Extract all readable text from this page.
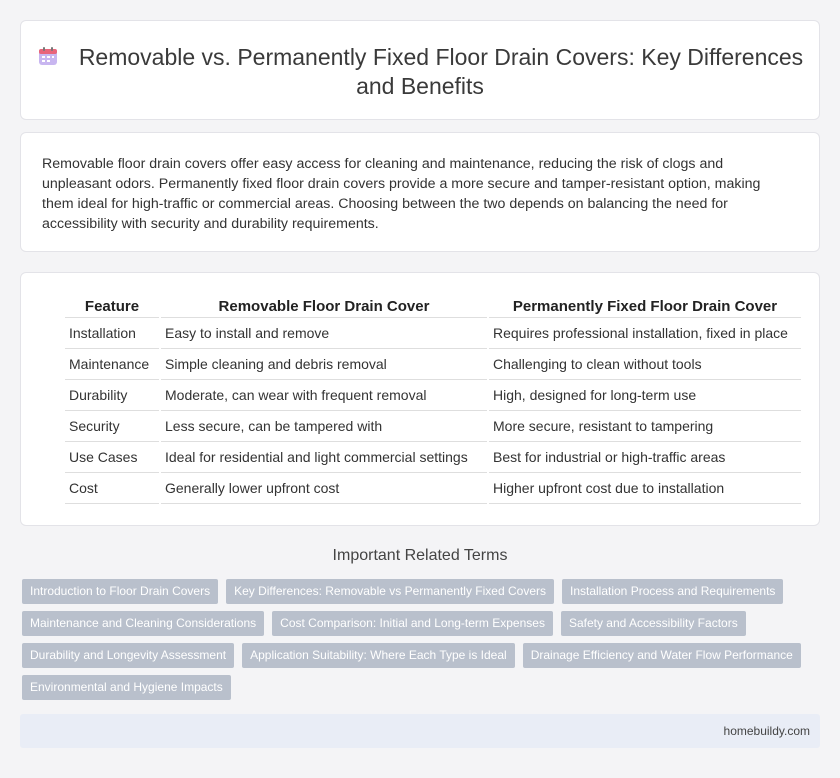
Removable vs. Permanently Fixed Floor Drain Covers: Key Differences and Benefits

Removable floor drain covers offer easy access for cleaning and maintenance, reducing the risk of clogs and unpleasant odors. Permanently fixed floor drain covers provide a more secure and tamper-resistant option, making them ideal for high-traffic or commercial areas. Choosing between the two depends on balancing the need for accessibility with security and durability requirements.

Feature	Removable Floor Drain Cover	Permanently Fixed Floor Drain Cover
Installation	Easy to install and remove	Requires professional installation, fixed in place
Maintenance	Simple cleaning and debris removal	Challenging to clean without tools
Durability	Moderate, can wear with frequent removal	High, designed for long-term use
Security	Less secure, can be tampered with	More secure, resistant to tampering
Use Cases	Ideal for residential and light commercial settings	Best for industrial or high-traffic areas
Cost	Generally lower upfront cost	Higher upfront cost due to installation
Important Related Terms
Introduction to Floor Drain Covers	Key Differences: Removable vs Permanently Fixed Covers	Installation Process and Requirements
Maintenance and Cleaning Considerations	Cost Comparison: Initial and Long-term Expenses	Safety and Accessibility Factors
Durability and Longevity Assessment	Application Suitability: Where Each Type is Ideal	Drainage Efficiency and Water Flow Performance
Environmental and Hygiene Impacts
homebuildy.com
